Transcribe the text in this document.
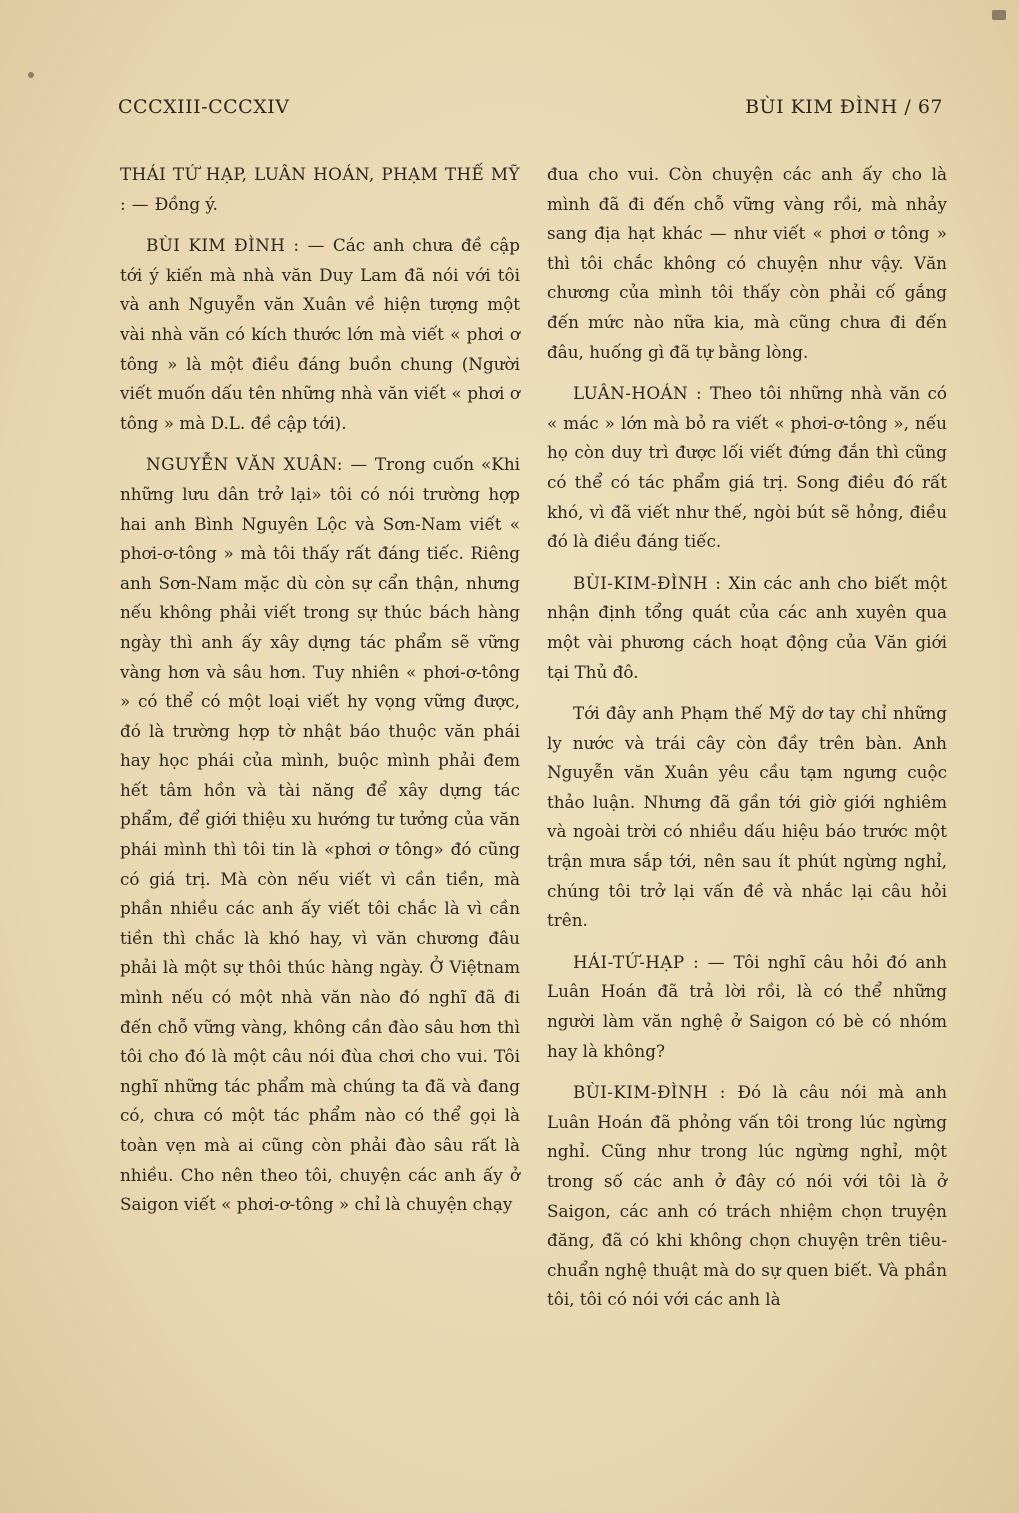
CCCXIII-CCCXIV	BÙI KIM ĐÌNH / 67

THÁI TỨ HẠP, LUÂN HOÁN, PHẠM THẾ MỸ : — Đồng ý.

BÙI KIM ĐÌNH : — Các anh chưa đề cập tới ý kiến mà nhà văn Duy Lam đã nói với tôi và anh Nguyễn văn Xuân về hiện tượng một vài nhà văn có kích thước lớn mà viết « phơi ơ tông » là một điều đáng buồn chung (Người viết muốn dấu tên những nhà văn viết « phơi ơ tông » mà D.L. đề cập tới).

NGUYỄN VĂN XUÂN: — Trong cuốn «Khi những lưu dân trở lại» tôi có nói trường hợp hai anh Bình Nguyên Lộc và Sơn-Nam viết « phơi-ơ-tông » mà tôi thấy rất đáng tiếc. Riêng anh Sơn-Nam mặc dù còn sự cẩn thận, nhưng nếu không phải viết trong sự thúc bách hàng ngày thì anh ấy xây dựng tác phẩm sẽ vững vàng hơn và sâu hơn. Tuy nhiên « phơi-ơ-tông » có thể có một loại viết hy vọng vững được, đó là trường hợp tờ nhật báo thuộc văn phái hay học phái của mình, buộc mình phải đem hết tâm hồn và tài năng để xây dựng tác phẩm, để giới thiệu xu hướng tư tưởng của văn phái mình thì tôi tin là «phơi ơ tông» đó cũng có giá trị. Mà còn nếu viết vì cần tiền, mà phần nhiều các anh ấy viết tôi chắc là vì cần tiền thì chắc là khó hay, vì văn chương đâu phải là một sự thôi thúc hàng ngày. Ở Việtnam mình nếu có một nhà văn nào đó nghĩ đã đi đến chỗ vững vàng, không cần đào sâu hơn thì tôi cho đó là một câu nói đùa chơi cho vui. Tôi nghĩ những tác phẩm mà chúng ta đã và đang có, chưa có một tác phẩm nào có thể gọi là toàn vẹn mà ai cũng còn phải đào sâu rất là nhiều. Cho nên theo tôi, chuyện các anh ấy ở Saigon viết « phơi-ơ-tông » chỉ là chuyện chạy

đua cho vui. Còn chuyện các anh ấy cho là mình đã đi đến chỗ vững vàng rồi, mà nhảy sang địa hạt khác — như viết « phơi ơ tông » thì tôi chắc không có chuyện như vậy. Văn chương của mình tôi thấy còn phải cố gắng đến mức nào nữa kia, mà cũng chưa đi đến đâu, huống gì đã tự bằng lòng.

LUÂN-HOÁN : Theo tôi những nhà văn có « mác » lớn mà bỏ ra viết « phơi-ơ-tông », nếu họ còn duy trì được lối viết đứng đắn thì cũng có thể có tác phẩm giá trị. Song điều đó rất khó, vì đã viết như thế, ngòi bút sẽ hỏng, điều đó là điều đáng tiếc.

BÙI-KIM-ĐÌNH : Xin các anh cho biết một nhận định tổng quát của các anh xuyên qua một vài phương cách hoạt động của Văn giới tại Thủ đô.

Tới đây anh Phạm thế Mỹ dơ tay chỉ những ly nước và trái cây còn đầy trên bàn. Anh Nguyễn văn Xuân yêu cầu tạm ngưng cuộc thảo luận. Nhưng đã gần tới giờ giới nghiêm và ngoài trời có nhiều dấu hiệu báo trước một trận mưa sắp tới, nên sau ít phút ngừng nghỉ, chúng tôi trở lại vấn đề và nhắc lại câu hỏi trên.

HÁI-TỨ-HẠP : — Tôi nghĩ câu hỏi đó anh Luân Hoán đã trả lời rồi, là có thể những người làm văn nghệ ở Saigon có bè có nhóm hay là không?

BÙI-KIM-ĐÌNH : Đó là câu nói mà anh Luân Hoán đã phỏng vấn tôi trong lúc ngừng nghỉ. Cũng như trong lúc ngừng nghỉ, một trong số các anh ở đây có nói với tôi là ở Saigon, các anh có trách nhiệm chọn truyện đăng, đã có khi không chọn chuyện trên tiêu-chuẩn nghệ thuật mà do sự quen biết. Và phần tôi, tôi có nói với các anh là
